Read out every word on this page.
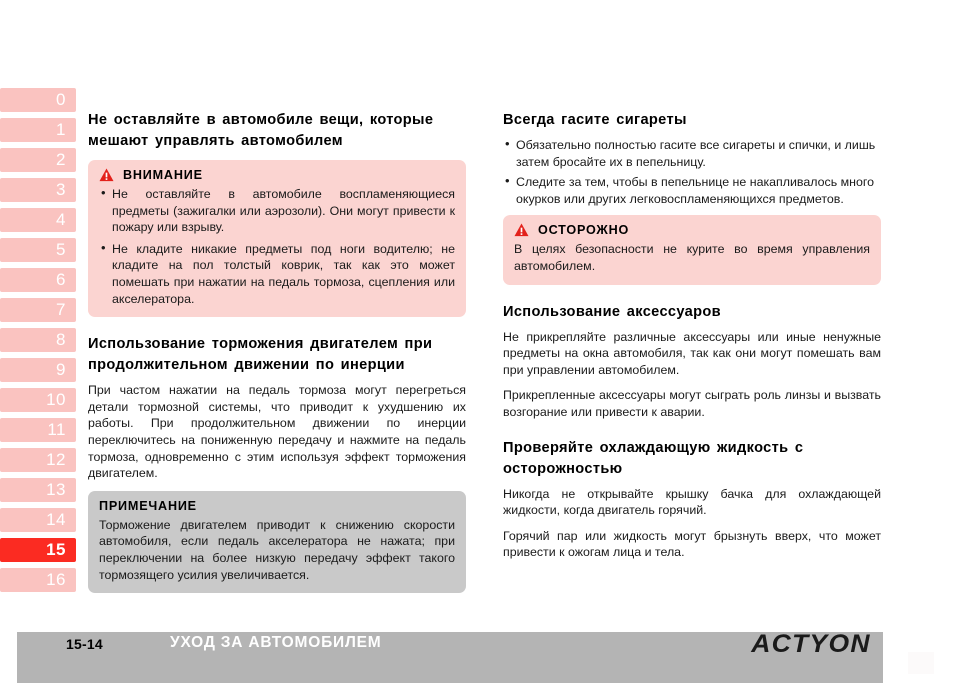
0
1
2
3
4
5
6
7
8
9
10
11
12
13
14
15
16
Не оставляйте в автомобиле вещи, которые мешают управлять автомобилем
ВНИМАНИЕ
• Не оставляйте в автомобиле воспламеняющиеся предметы (зажигалки или аэрозоли). Они могут привести к пожару или взрыву.
• Не кладите никакие предметы под ноги водителю; не кладите на пол толстый коврик, так как это может помешать при нажатии на педаль тормоза, сцепления или акселератора.
Использование торможения двигателем при продолжительном движении по инерции

При частом нажатии на педаль тормоза могут перегреться детали тормозной системы, что приводит к ухудшению их работы. При продолжительном движении по инерции переключитесь на пониженную передачу и нажмите на педаль тормоза, одновременно с этим используя эффект торможения двигателем.

ПРИМЕЧАНИЕ

Торможение двигателем приводит к снижению скорости автомобиля, если педаль акселератора не нажата; при переключении на более низкую передачу эффект такого тормозящего усилия увеличивается.

Всегда гасите сигареты
• Обязательно полностью гасите все сигареты и спички, и лишь затем бросайте их в пепельницу.
• Следите за тем, чтобы в пепельнице не накапливалось много окурков или других легковоспламеняющихся предметов.
ОСТОРОЖНО

В целях безопасности не курите во время управления автомобилем.

Использование аксессуаров

Не прикрепляйте различные аксессуары или иные ненужные предметы на окна автомобиля, так как они могут помешать вам при управлении автомобилем.

Прикрепленные аксессуары могут сыграть роль линзы и вызвать возгорание или привести к аварии.

Проверяйте охлаждающую жидкость с осторожностью

Никогда не открывайте крышку бачка для охлаждающей жидкости, когда двигатель горячий.

Горячий пар или жидкость могут брызнуть вверх, что может привести к ожогам лица и тела.

15-14	УХОД ЗА АВТОМОБИЛЕМ	ACTYON
